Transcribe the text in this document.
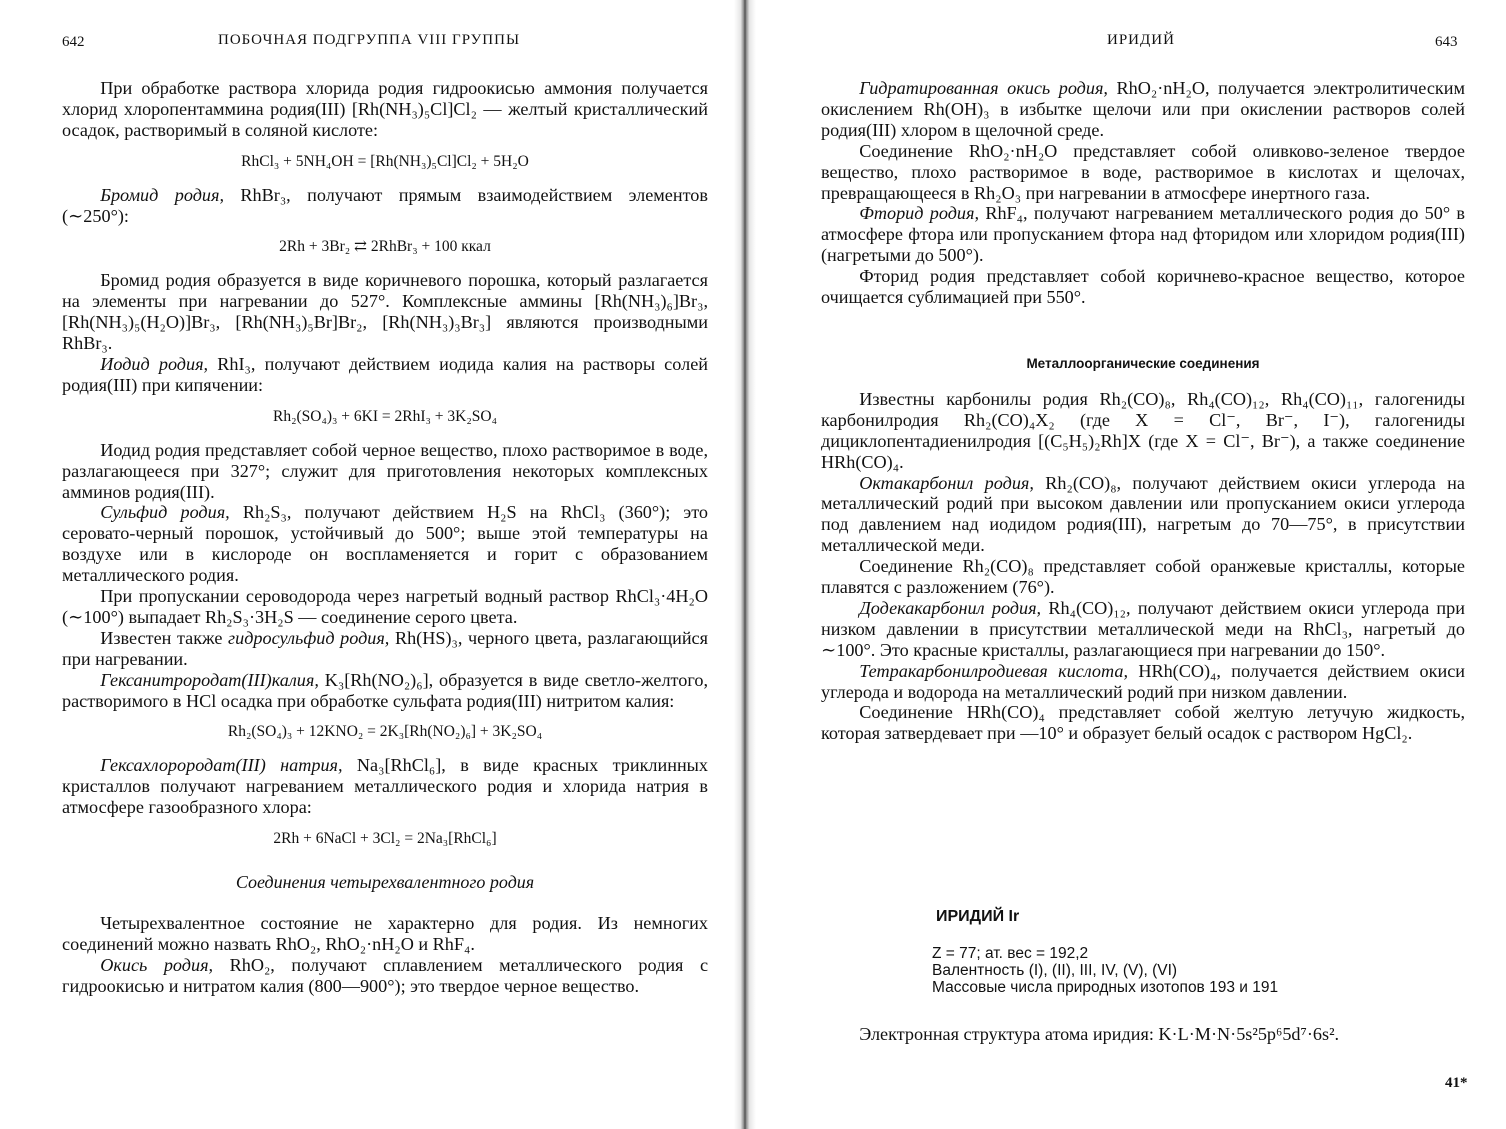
642	ПОБОЧНАЯ ПОДГРУППА VIII ГРУППЫ

При обработке раствора хлорида родия гидроокисью аммония получается хлорид хлоропентаммина родия(III) [Rh(NH₃)₅Cl]Cl₂ — желтый кристаллический осадок, растворимый в соляной кислоте:

RhCl₃ + 5NH₄OH = [Rh(NH₃)₅Cl]Cl₂ + 5H₂O

Бромид родия, RhBr₃, получают прямым взаимодействием элементов (∼250°):

2Rh + 3Br₂ ⇄ 2RhBr₃ + 100 ккал

Бромид родия образуется в виде коричневого порошка, который разлагается на элементы при нагревании до 527°. Комплексные аммины [Rh(NH₃)₆]Br₃, [Rh(NH₃)₅(H₂O)]Br₃, [Rh(NH₃)₅Br]Br₂, [Rh(NH₃)₃Br₃] являются производными RhBr₃.

Иодид родия, RhI₃, получают действием иодида калия на растворы солей родия(III) при кипячении:

Rh₂(SO₄)₃ + 6KI = 2RhI₃ + 3K₂SO₄

Иодид родия представляет собой черное вещество, плохо растворимое в воде, разлагающееся при 327°; служит для приготовления некоторых комплексных амминов родия(III).

Сульфид родия, Rh₂S₃, получают действием H₂S на RhCl₃ (360°); это серовато-черный порошок, устойчивый до 500°; выше этой температуры на воздухе или в кислороде он воспламеняется и горит с образованием металлического родия.

При пропускании сероводорода через нагретый водный раствор RhCl₃·4H₂O (∼100°) выпадает Rh₂S₃·3H₂S — соединение серого цвета.

Известен также гидросульфид родия, Rh(HS)₃, черного цвета, разлагающийся при нагревании.

Гексанитрородат(III)калия, K₃[Rh(NO₂)₆], образуется в виде светло-желтого, растворимого в HCl осадка при обработке сульфата родия(III) нитритом калия:

Rh₂(SO₄)₃ + 12KNO₂ = 2K₃[Rh(NO₂)₆] + 3K₂SO₄

Гексахлорородат(III) натрия, Na₃[RhCl₆], в виде красных триклинных кристаллов получают нагреванием металлического родия и хлорида натрия в атмосфере газообразного хлора:

2Rh + 6NaCl + 3Cl₂ = 2Na₃[RhCl₆]
Соединения четырехвалентного родия

Четырехвалентное состояние не характерно для родия. Из немногих соединений можно назвать RhO₂, RhO₂·nH₂O и RhF₄.

Окись родия, RhO₂, получают сплавлением металлического родия с гидроокисью и нитратом калия (800—900°); это твердое черное вещество.

ИРИДИЙ	643

Гидратированная окись родия, RhO₂·nH₂O, получается электролитическим окислением Rh(OH)₃ в избытке щелочи или при окислении растворов солей родия(III) хлором в щелочной среде.

Соединение RhO₂·nH₂O представляет собой оливково-зеленое твердое вещество, плохо растворимое в воде, растворимое в кислотах и щелочах, превращающееся в Rh₂O₃ при нагревании в атмосфере инертного газа.

Фторид родия, RhF₄, получают нагреванием металлического родия до 50° в атмосфере фтора или пропусканием фтора над фторидом или хлоридом родия(III) (нагретыми до 500°).

Фторид родия представляет собой коричнево-красное вещество, которое очищается сублимацией при 550°.

Металлоорганические соединения

Известны карбонилы родия Rh₂(CO)₈, Rh₄(CO)₁₂, Rh₄(CO)₁₁, галогениды карбонилродия Rh₂(CO)₄X₂ (где X = Cl⁻, Br⁻, I⁻), галогениды дициклопентадиенилродия [(C₅H₅)₂Rh]X (где X = Cl⁻, Br⁻), а также соединение HRh(CO)₄.

Октакарбонил родия, Rh₂(CO)₈, получают действием окиси углерода на металлический родий при высоком давлении или пропусканием окиси углерода под давлением над иодидом родия(III), нагретым до 70—75°, в присутствии металлической меди.

Соединение Rh₂(CO)₈ представляет собой оранжевые кристаллы, которые плавятся с разложением (76°).

Додекакарбонил родия, Rh₄(CO)₁₂, получают действием окиси углерода при низком давлении в присутствии металлической меди на RhCl₃, нагретый до ∼100°. Это красные кристаллы, разлагающиеся при нагревании до 150°.

Тетракарбонилродиевая кислота, HRh(CO)₄, получается действием окиси углерода и водорода на металлический родий при низком давлении.

Соединение HRh(CO)₄ представляет собой желтую летучую жидкость, которая затвердевает при —10° и образует белый осадок с раствором HgCl₂.

ИРИДИЙ Ir
Z = 77; ат. вес = 192,2
Валентность (I), (II), III, IV, (V), (VI)
Массовые числа природных изотопов 193 и 191

Электронная структура атома иридия: K·L·M·N·5s²5p⁶5d⁷·6s².

41*
